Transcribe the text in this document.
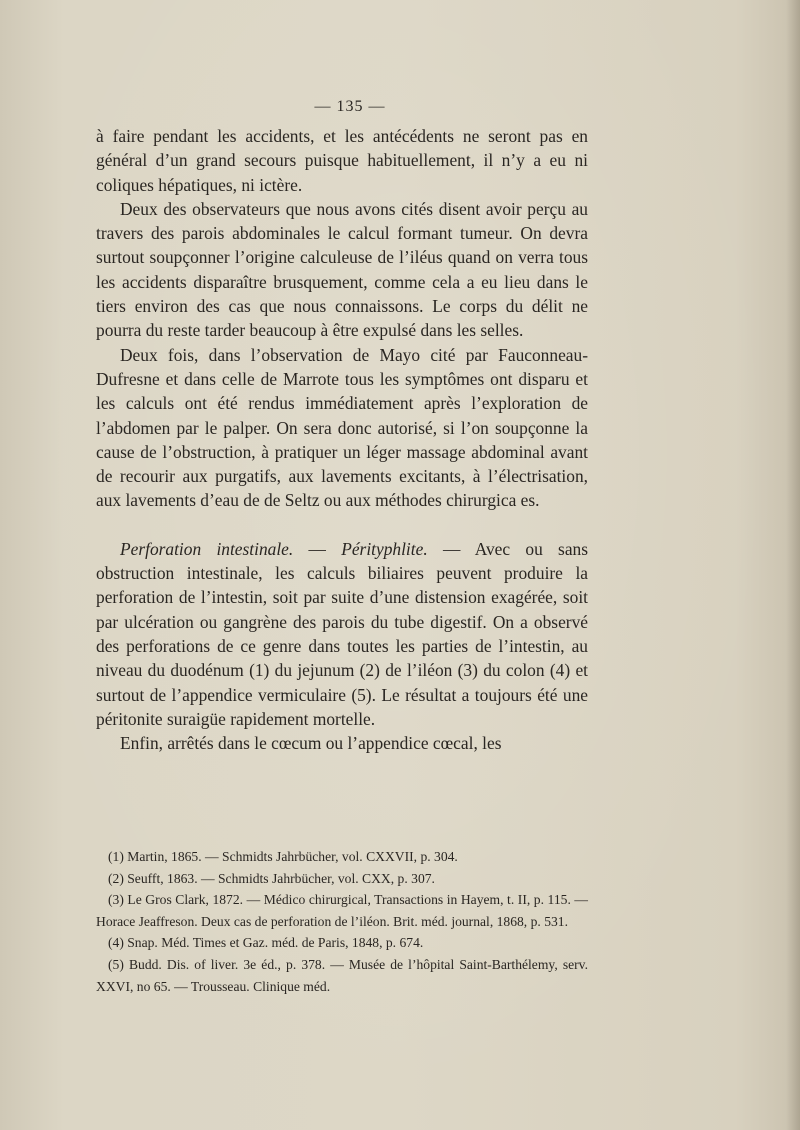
— 135 —

à faire pendant les accidents, et les antécédents ne seront pas en général d’un grand secours puisque habituellement, il n’y a eu ni coliques hépatiques, ni ictère.

Deux des observateurs que nous avons cités disent avoir perçu au travers des parois abdominales le calcul formant tumeur. On devra surtout soupçonner l’origine calculeuse de l’iléus quand on verra tous les accidents disparaître brusquement, comme cela a eu lieu dans le tiers environ des cas que nous connaissons. Le corps du délit ne pourra du reste tarder beaucoup à être expulsé dans les selles.

Deux fois, dans l’observation de Mayo cité par Fauconneau-Dufresne et dans celle de Marrote tous les symptômes ont disparu et les calculs ont été rendus immédiatement après l’exploration de l’abdomen par le palper. On sera donc autorisé, si l’on soupçonne la cause de l’obstruction, à pratiquer un léger massage abdominal avant de recourir aux purgatifs, aux lavements excitants, à l’électrisation, aux lavements d’eau de de Seltz ou aux méthodes chirurgica es.

Perforation intestinale. — Pérityphlite. — Avec ou sans obstruction intestinale, les calculs biliaires peuvent produire la perforation de l’intestin, soit par suite d’une distension exagérée, soit par ulcération ou gangrène des parois du tube digestif. On a observé des perforations de ce genre dans toutes les parties de l’intestin, au niveau du duodénum (1) du jejunum (2) de l’iléon (3) du colon (4) et surtout de l’appendice vermiculaire (5). Le résultat a toujours été une péritonite suraigüe rapidement mortelle.

Enfin, arrêtés dans le cœcum ou l’appendice cœcal, les

(1) Martin, 1865. — Schmidts Jahrbücher, vol. CXXVII, p. 304.

(2) Seufft, 1863. — Schmidts Jahrbücher, vol. CXX, p. 307.

(3) Le Gros Clark, 1872. — Médico chirurgical, Transactions in Hayem, t. II, p. 115. — Horace Jeaffreson. Deux cas de perforation de l’iléon. Brit. méd. journal, 1868, p. 531.

(4) Snap. Méd. Times et Gaz. méd. de Paris, 1848, p. 674.

(5) Budd. Dis. of liver. 3e éd., p. 378. — Musée de l’hôpital Saint-Barthélemy, serv. XXVI, no 65. — Trousseau. Clinique méd.
